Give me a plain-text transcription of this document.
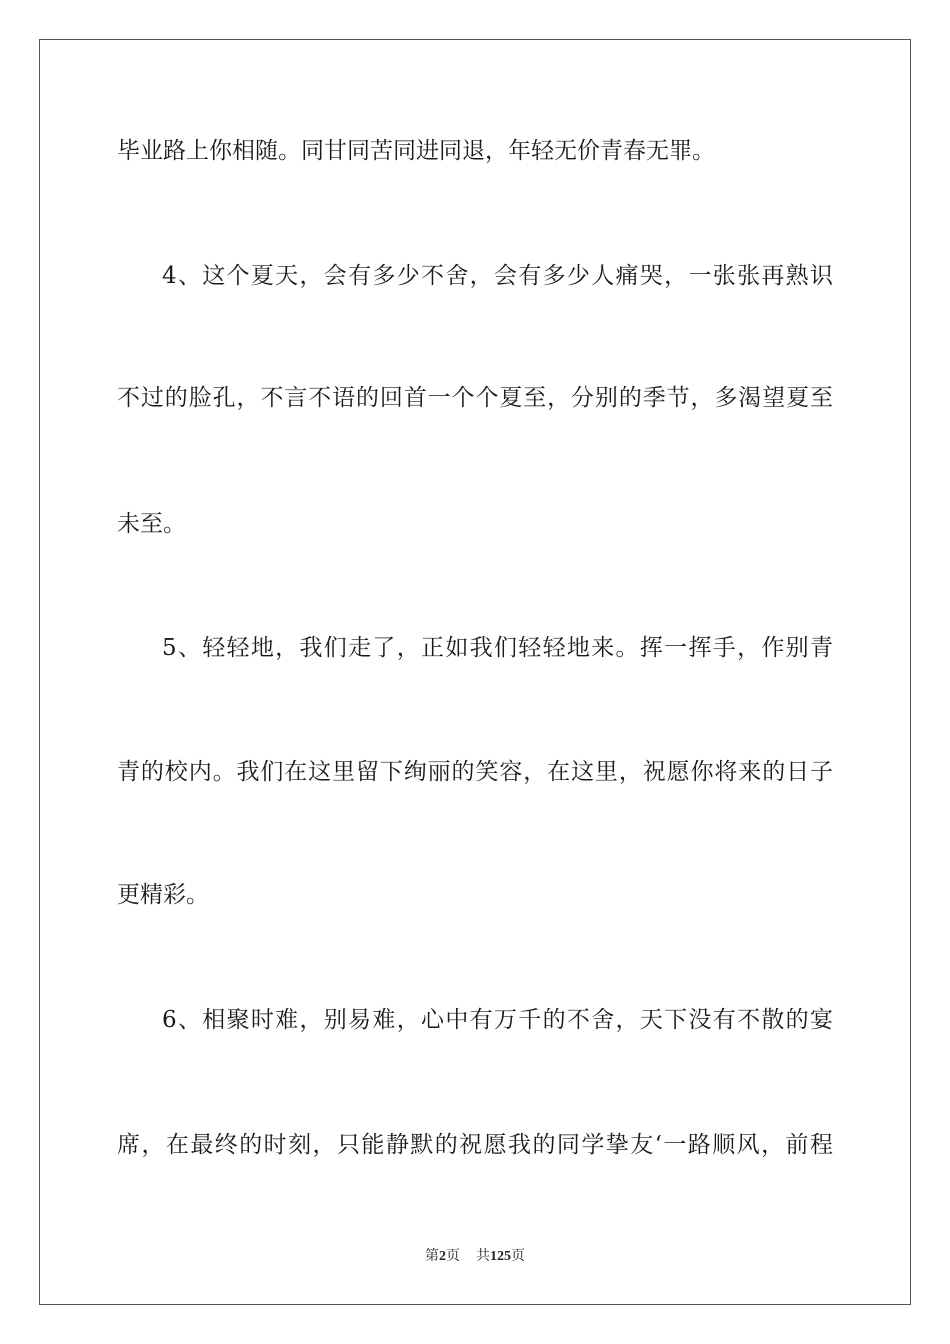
毕业路上你相随。同甘同苦同进同退，年轻无价青春无罪。
4、这个夏天，会有多少不舍，会有多少人痛哭，一张张再熟识
不过的脸孔，不言不语的回首一个个夏至，分别的季节，多渴望夏至
未至。
5、轻轻地，我们走了，正如我们轻轻地来。挥一挥手，作别青
青的校内。我们在这里留下绚丽的笑容，在这里，祝愿你将来的日子
更精彩。
6、相聚时难，别易难，心中有万千的不舍，天下没有不散的宴
席，在最终的时刻，只能静默的祝愿我的同学挚友‘一路顺风，前程
第2页 共125页
